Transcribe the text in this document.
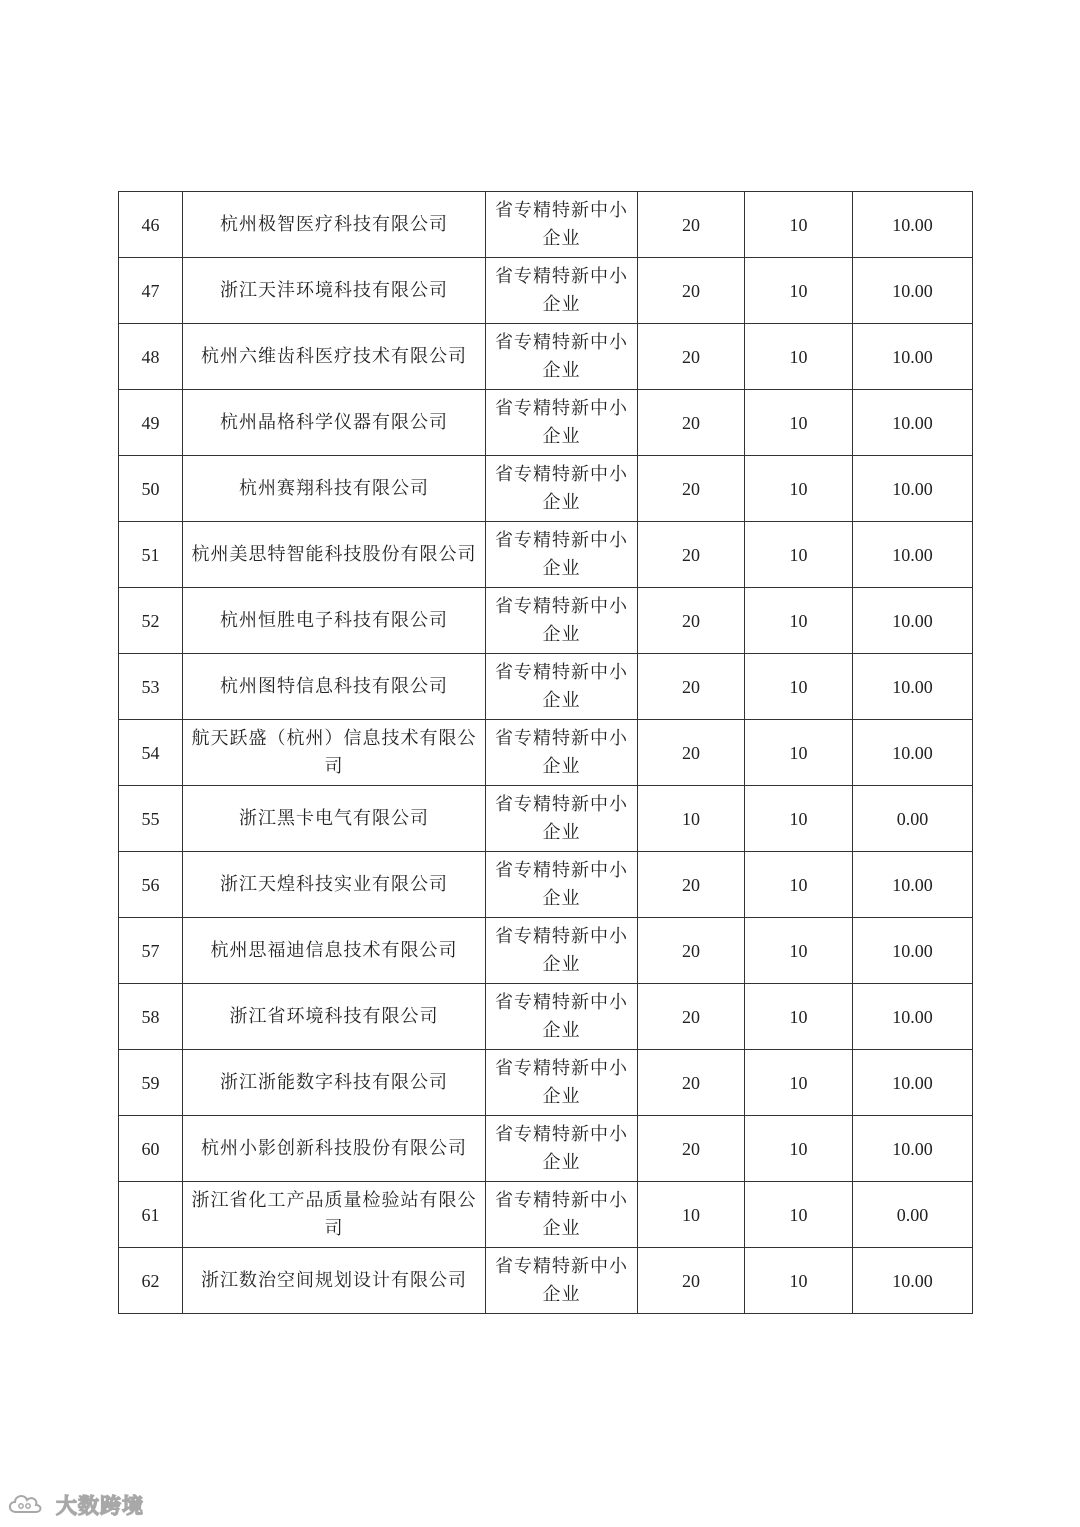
46	杭州极智医疗科技有限公司	省专精特新中小企业	20	10	10.00
47	浙江天沣环境科技有限公司	省专精特新中小企业	20	10	10.00
48	杭州六维齿科医疗技术有限公司	省专精特新中小企业	20	10	10.00
49	杭州晶格科学仪器有限公司	省专精特新中小企业	20	10	10.00
50	杭州赛翔科技有限公司	省专精特新中小企业	20	10	10.00
51	杭州美思特智能科技股份有限公司	省专精特新中小企业	20	10	10.00
52	杭州恒胜电子科技有限公司	省专精特新中小企业	20	10	10.00
53	杭州图特信息科技有限公司	省专精特新中小企业	20	10	10.00
54	航天跃盛（杭州）信息技术有限公司	省专精特新中小企业	20	10	10.00
55	浙江黑卡电气有限公司	省专精特新中小企业	10	10	0.00
56	浙江天煌科技实业有限公司	省专精特新中小企业	20	10	10.00
57	杭州思福迪信息技术有限公司	省专精特新中小企业	20	10	10.00
58	浙江省环境科技有限公司	省专精特新中小企业	20	10	10.00
59	浙江浙能数字科技有限公司	省专精特新中小企业	20	10	10.00
60	杭州小影创新科技股份有限公司	省专精特新中小企业	20	10	10.00
61	浙江省化工产品质量检验站有限公司	省专精特新中小企业	10	10	0.00
62	浙江数治空间规划设计有限公司	省专精特新中小企业	20	10	10.00
大数跨境
